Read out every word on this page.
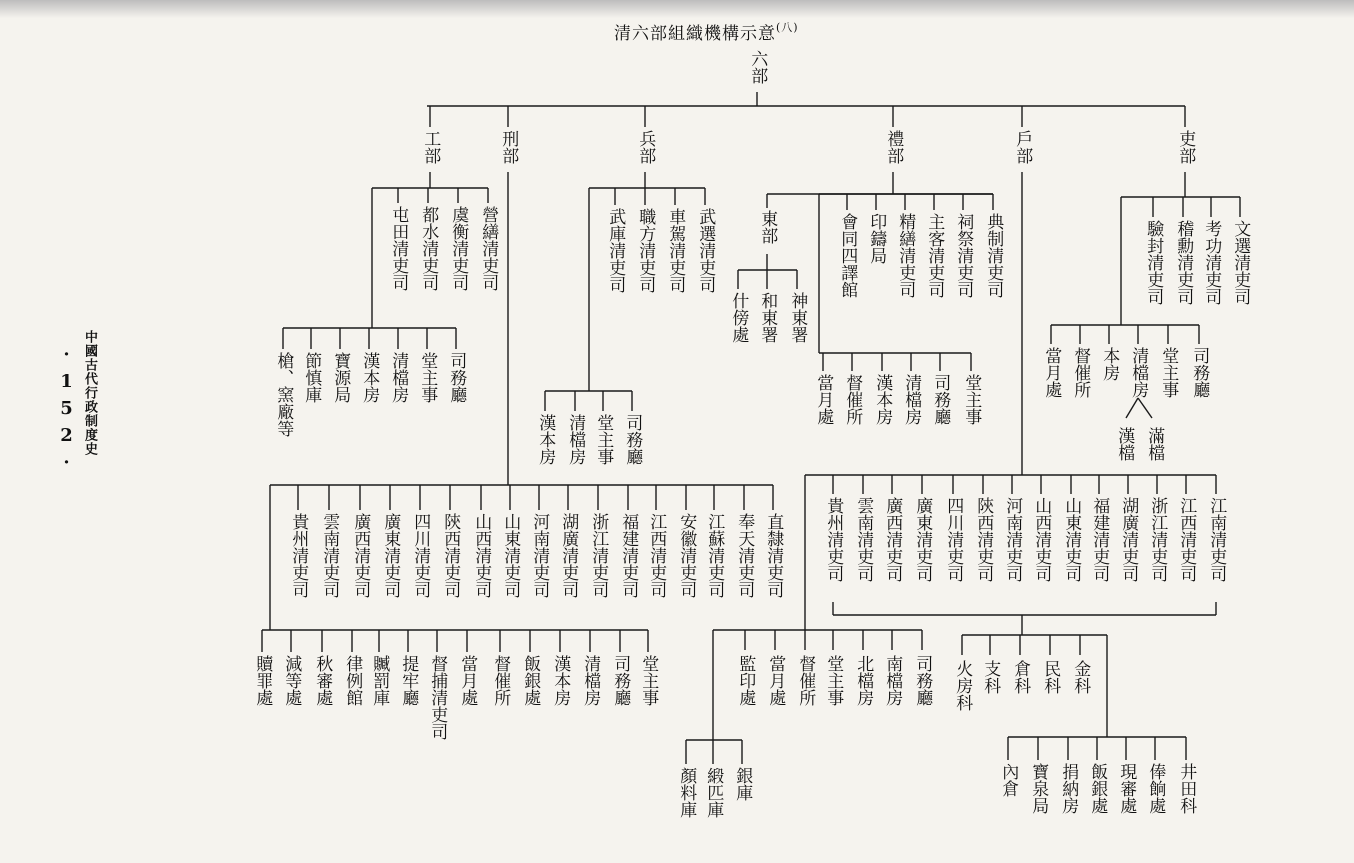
清六部組織機構示意$^{(八)}$
中國古代行政制度史
·152·
六部
工部	刑部	兵部	禮部	戶部	吏部
屯田清吏司 都水清吏司 虞衡清吏司 營繕清吏司
槍、窯廠等 節慎庫 寶源局 漢本房 清檔房 堂主事 司務廳
武庫清吏司 職方清吏司 車駕清吏司 武選清吏司
漢本房 清檔房 堂主事 司務廳
東部
什傍處 和東署 神東署
會同四譯館 印鑄局 精繕清吏司 主客清吏司 祠祭清吏司 典制清吏司
當月處 督催所 漢本房 清檔房 司務廳 堂主事
驗封清吏司 稽勳清吏司 考功清吏司 文選清吏司
當月處 督催所 本房 清檔房 堂主事 司務廳
漢檔 滿檔
貴州清吏司 雲南清吏司 廣西清吏司 廣東清吏司 四川清吏司 陝西清吏司 山西清吏司 山東清吏司 河南清吏司 湖廣清吏司 浙江清吏司 福建清吏司 江西清吏司 安徽清吏司 江蘇清吏司 奉天清吏司 直隸清吏司
贖罪處 減等處 秋審處 律例館 贓罰庫 提牢廳 督捕清吏司 當月處 督催所 飯銀處 漢本房 清檔房 司務廳 堂主事
貴州清吏司 雲南清吏司 廣西清吏司 廣東清吏司 四川清吏司 陝西清吏司 河南清吏司 山西清吏司 山東清吏司 福建清吏司 湖廣清吏司 浙江清吏司 江西清吏司 江南清吏司
監印處 當月處 督催所 堂主事 北檔房 南檔房 司務廳
顏料庫 緞匹庫 銀庫
火房科 支科 倉科 民科 金科
內倉 寶泉局 捐納房 飯銀處 現審處 俸餉處 井田科
